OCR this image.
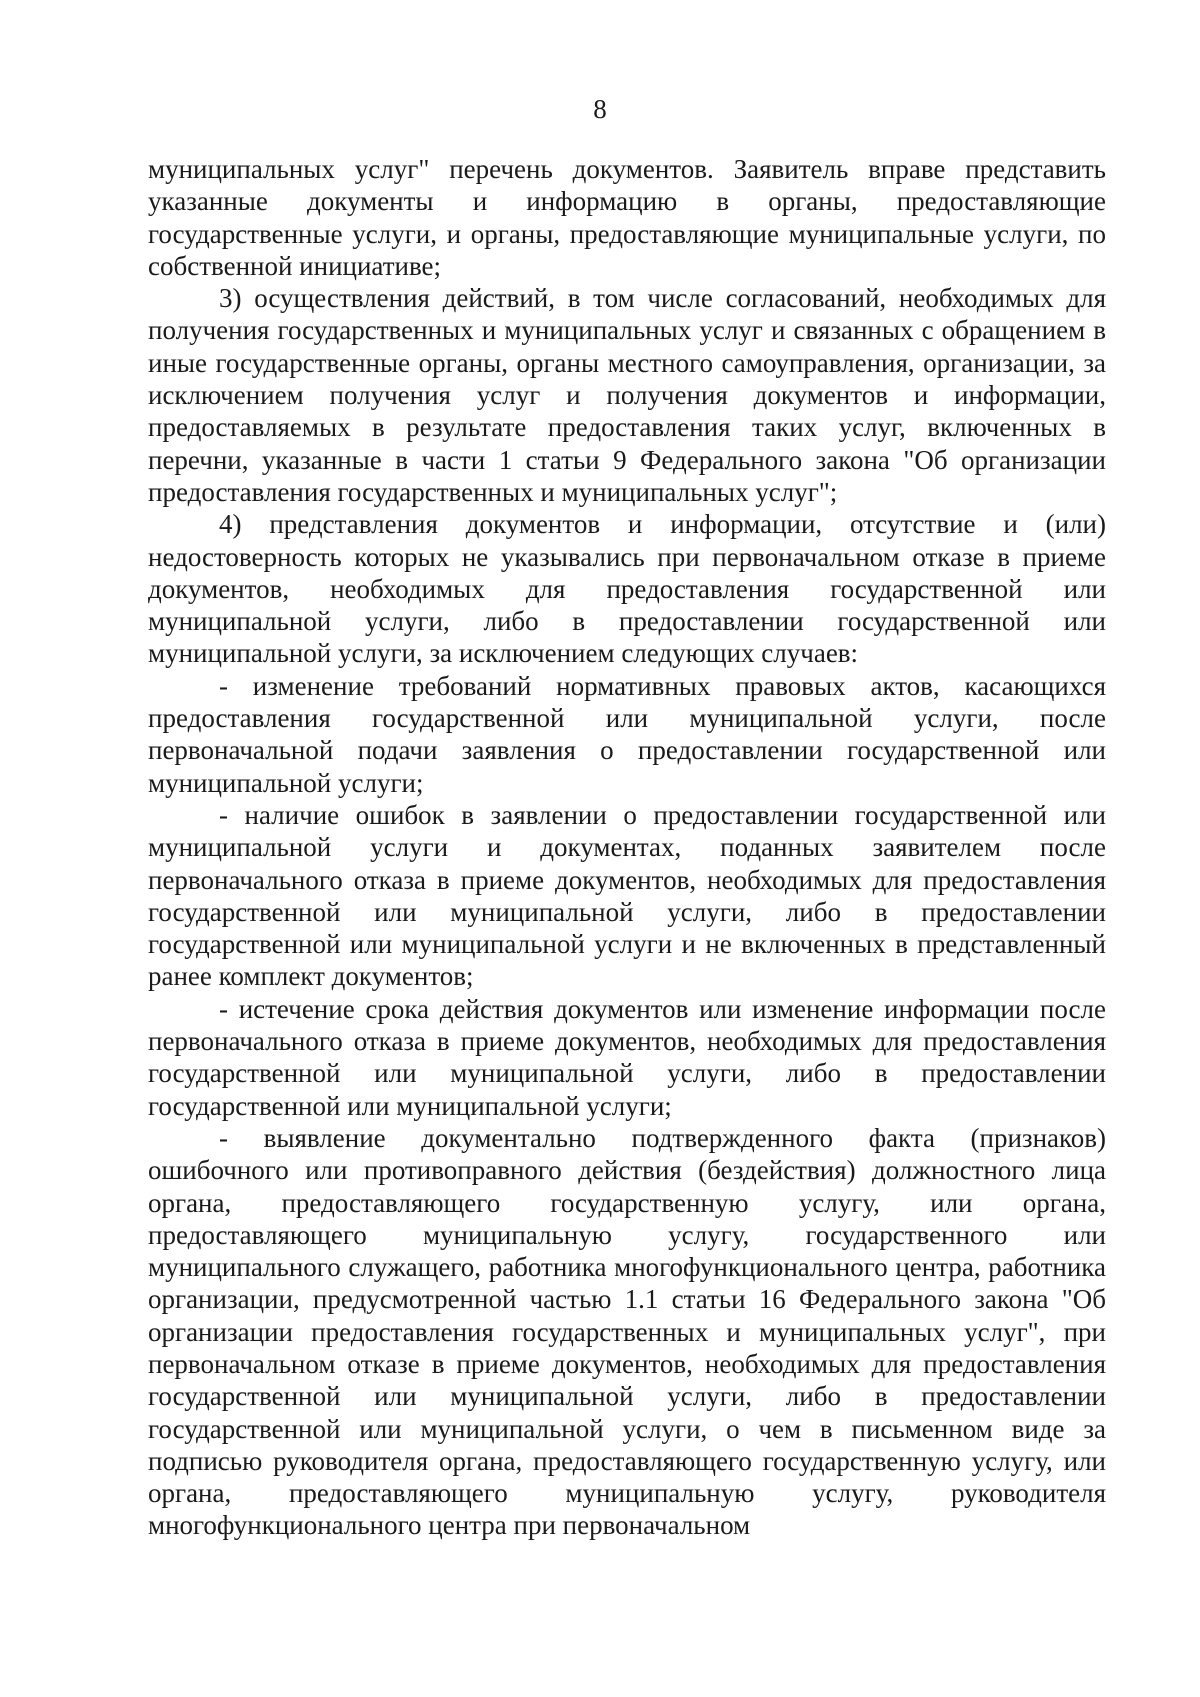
8

муниципальных услуг" перечень документов. Заявитель вправе представить указанные документы и информацию в органы, предоставляющие государственные услуги, и органы, предоставляющие муниципальные услуги, по собственной инициативе;

3) осуществления действий, в том числе согласований, необходимых для получения государственных и муниципальных услуг и связанных с обращением в иные государственные органы, органы местного самоуправления, организации, за исключением получения услуг и получения документов и информации, предоставляемых в результате предоставления таких услуг, включенных в перечни, указанные в части 1 статьи 9 Федерального закона "Об организации предоставления государственных и муниципальных услуг";

4) представления документов и информации, отсутствие и (или) недостоверность которых не указывались при первоначальном отказе в приеме документов, необходимых для предоставления государственной или муниципальной услуги, либо в предоставлении государственной или муниципальной услуги, за исключением следующих случаев:

- изменение требований нормативных правовых актов, касающихся предоставления государственной или муниципальной услуги, после первоначальной подачи заявления о предоставлении государственной или муниципальной услуги;

- наличие ошибок в заявлении о предоставлении государственной или муниципальной услуги и документах, поданных заявителем после первоначального отказа в приеме документов, необходимых для предоставления государственной или муниципальной услуги, либо в предоставлении государственной или муниципальной услуги и не включенных в представленный ранее комплект документов;

- истечение срока действия документов или изменение информации после первоначального отказа в приеме документов, необходимых для предоставления государственной или муниципальной услуги, либо в предоставлении государственной или муниципальной услуги;

- выявление документально подтвержденного факта (признаков) ошибочного или противоправного действия (бездействия) должностного лица органа, предоставляющего государственную услугу, или органа, предоставляющего муниципальную услугу, государственного или муниципального служащего, работника многофункционального центра, работника организации, предусмотренной частью 1.1 статьи 16 Федерального закона "Об организации предоставления государственных и муниципальных услуг", при первоначальном отказе в приеме документов, необходимых для предоставления государственной или муниципальной услуги, либо в предоставлении государственной или муниципальной услуги, о чем в письменном виде за подписью руководителя органа, предоставляющего государственную услугу, или органа, предоставляющего муниципальную услугу, руководителя многофункционального центра при первоначальном
